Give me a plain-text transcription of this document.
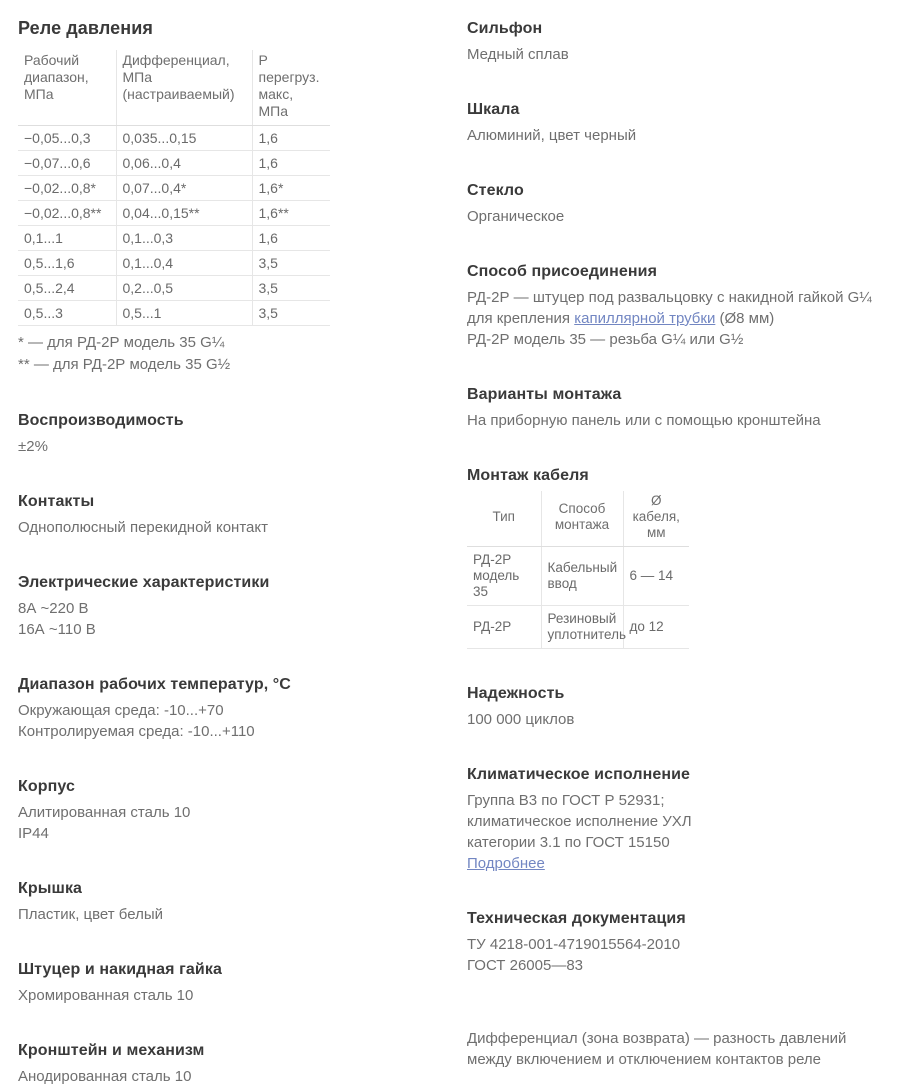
Реле давления
Рабочий диапазон, МПа	Дифференциал, МПа (настраиваемый)	Р перегруз. макс, МПа
−0,05...0,3	0,035...0,15	1,6
−0,07...0,6	0,06...0,4	1,6
−0,02...0,8*	0,07...0,4*	1,6*
−0,02...0,8**	0,04...0,15**	1,6**
0,1...1	0,1...0,3	1,6
0,5...1,6	0,1...0,4	3,5
0,5...2,4	0,2...0,5	3,5
0,5...3	0,5...1	3,5

* — для РД-2Р модель 35 G¼

** — для РД-2Р модель 35 G½

Воспроизводимость

±2%

Контакты

Однополюсный перекидной контакт

Электрические характеристики

8А ~220 В

16А ~110 В

Диапазон рабочих температур, °С

Окружающая среда: -10...+70

Контролируемая среда: -10...+110

Корпус

Алитированная сталь 10

IP44

Крышка

Пластик, цвет белый

Штуцер и накидная гайка

Хромированная сталь 10

Кронштейн и механизм

Анодированная сталь 10

Сильфон

Медный сплав

Шкала

Алюминий, цвет черный

Стекло

Органическое

Способ присоединения

РД-2Р — штуцер под развальцовку с накидной гайкой G¼ для крепления капиллярной трубки (Ø8 мм)

РД-2Р модель 35 — резьба G¼ или G½

Варианты монтажа

На приборную панель или с помощью кронштейна

Монтаж кабеля
Тип	Способ монтажа	Ø кабеля, мм
РД-2Р модель 35	Кабельный ввод	6 — 14
РД-2Р	Резиновый уплотнитель	до 12
Надежность

100 000 циклов

Климатическое исполнение

Группа В3 по ГОСТ Р 52931;

климатическое исполнение УХЛ

категории 3.1 по ГОСТ 15150

Подробнее

Техническая документация

ТУ 4218-001-4719015564-2010

ГОСТ 26005—83

Дифференциал (зона возврата) — разность давлений между включением и отключением контактов реле
